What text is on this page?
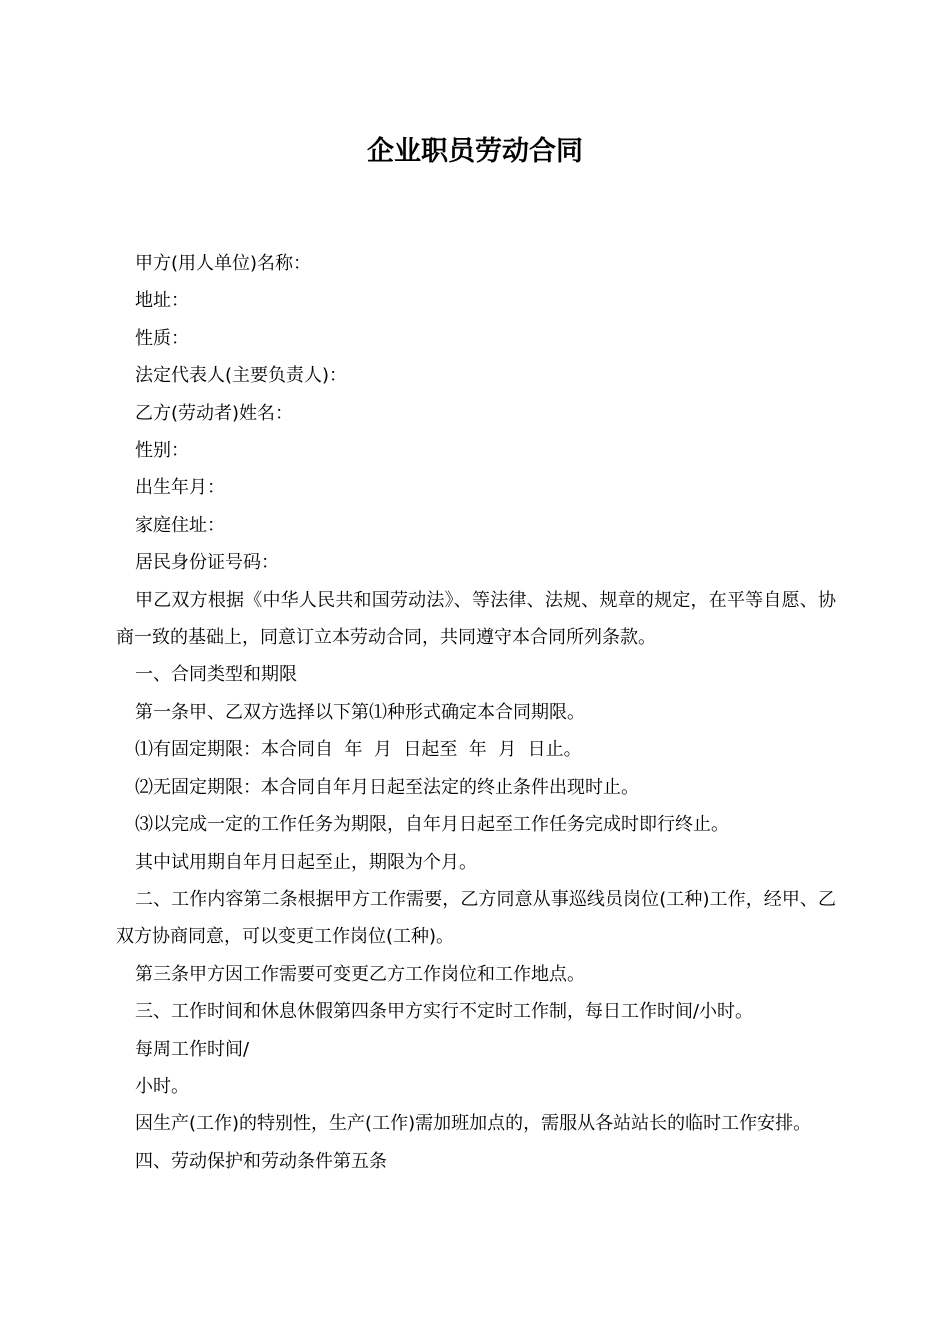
企业职员劳动合同

甲方(用人单位)名称：

地址：

性质：

法定代表人(主要负责人)：

乙方(劳动者)姓名：

性别：

出生年月：

家庭住址：

居民身份证号码：

甲乙双方根据《中华人民共和国劳动法》、等法律、法规、规章的规定，在平等自愿、协商一致的基础上，同意订立本劳动合同，共同遵守本合同所列条款。

一、合同类型和期限

第一条甲、乙双方选择以下第⑴种形式确定本合同期限。

⑴有固定期限：本合同自  年  月  日起至  年  月  日止。

⑵无固定期限：本合同自年月日起至法定的终止条件出现时止。

⑶以完成一定的工作任务为期限，自年月日起至工作任务完成时即行终止。

其中试用期自年月日起至止，期限为个月。

二、工作内容第二条根据甲方工作需要，乙方同意从事巡线员岗位(工种)工作，经甲、乙双方协商同意，可以变更工作岗位(工种)。

第三条甲方因工作需要可变更乙方工作岗位和工作地点。

三、工作时间和休息休假第四条甲方实行不定时工作制，每日工作时间/小时。

每周工作时间/

小时。

因生产(工作)的特别性，生产(工作)需加班加点的，需服从各站站长的临时工作安排。

四、劳动保护和劳动条件第五条
